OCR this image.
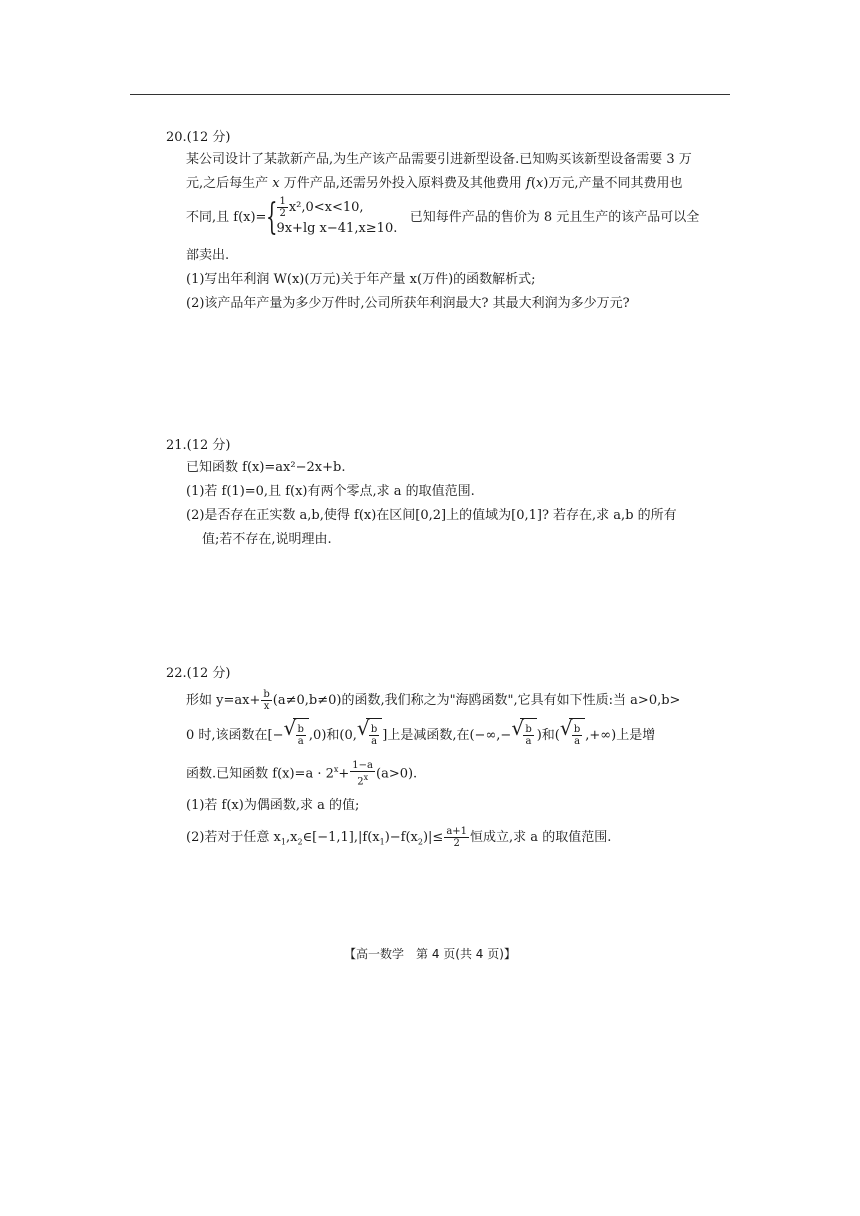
20.(12 分)
某公司设计了某款新产品,为生产该产品需要引进新型设备.已知购买该新型设备需要 3 万
元,之后每生产 x 万件产品,还需另外投入原料费及其他费用 f(x)万元,产量不同其费用也
不同,且 f(x)= { $\frac{1}{2} x^2,0<x<10$,
9x+lg x−41,x≥10.
已知每件产品的售价为 8 元且生产的该产品可以全
部卖出.
(1)写出年利润 W(x)(万元)关于年产量 x(万件)的函数解析式;
(2)该产品年产量为多少万件时,公司所获年利润最大? 其最大利润为多少万元?
21.(12 分)
已知函数 f(x)=ax²−2x+b.
(1)若 f(1)=0,且 f(x)有两个零点,求 a 的取值范围.
(2)是否存在正实数 a,b,使得 f(x)在区间[0,2]上的值域为[0,1]? 若存在,求 a,b 的所有
值;若不存在,说明理由.
22.(12 分)
形如 $y=ax+ \frac{b}{x} (a\ne 0,b\ne 0)$的函数,我们称之为"海鸥函数",它具有如下性质:当 a>0,b>
0 时,该函数在[− √ $\frac{b}{a} ,0$)和(0, √ $\frac{b}{a}$ ]上是减函数,在(−∞,− √ $\frac{b}{a}$ )和( √ $\frac{b}{a}$ ,+∞)上是增
函数.已知函数 $f(x)=a \cdot 2^x+ \frac{1-a}{2^x} (a>0)$.
(1)若 f(x)为偶函数,求 a 的值;
(2)若对于任意 $x_1,x_2\in[-1,1],|f(x_1)-f(x_2)|\le \frac{a+1}{2}$ 恒成立,求 a 的取值范围.
【高一数学　第 4 页(共 4 页)】
